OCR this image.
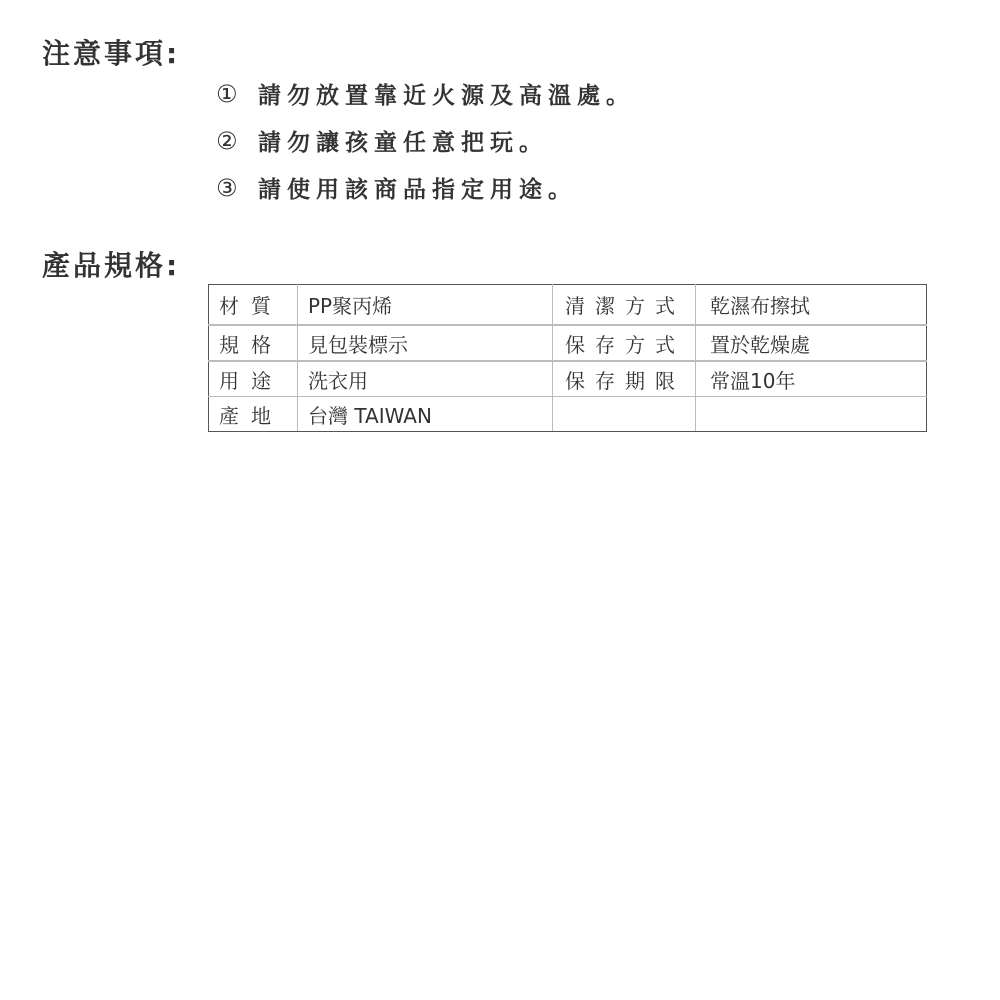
注意事項:
① 請勿放置靠近火源及高溫處。
② 請勿讓孩童任意把玩。
③ 請使用該商品指定用途。
產品規格:
材質	PP聚丙烯	清潔方式	乾濕布擦拭
規格	見包裝標示	保存方式	置於乾燥處
用途	洗衣用	保存期限	常溫10年
產地	台灣 TAIWAN		
